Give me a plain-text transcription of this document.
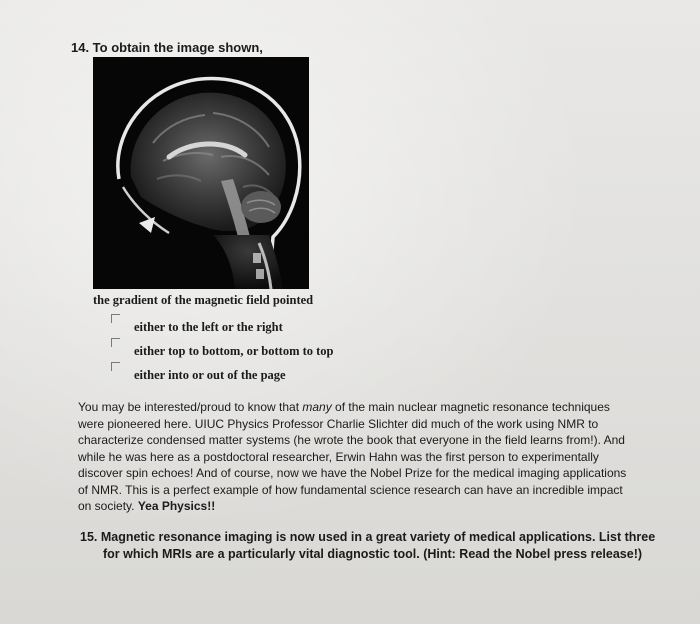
14. To obtain the image shown,
the gradient of the magnetic field pointed
either to the left or the right
either top to bottom, or bottom to top
either into or out of the page
You may be interested/proud to know that many of the main nuclear magnetic resonance techniques
were pioneered here. UIUC Physics Professor Charlie Slichter did much of the work using NMR to
characterize condensed matter systems (he wrote the book that everyone in the field learns from!). And
while he was here as a postdoctoral researcher, Erwin Hahn was the first person to experimentally
discover spin echoes! And of course, now we have the Nobel Prize for the medical imaging applications
of NMR. This is a perfect example of how fundamental science research can have an incredible impact
on society. Yea Physics!!
15. Magnetic resonance imaging is now used in a great variety of medical applications. List three
for which MRIs are a particularly vital diagnostic tool. (Hint: Read the Nobel press release!)
